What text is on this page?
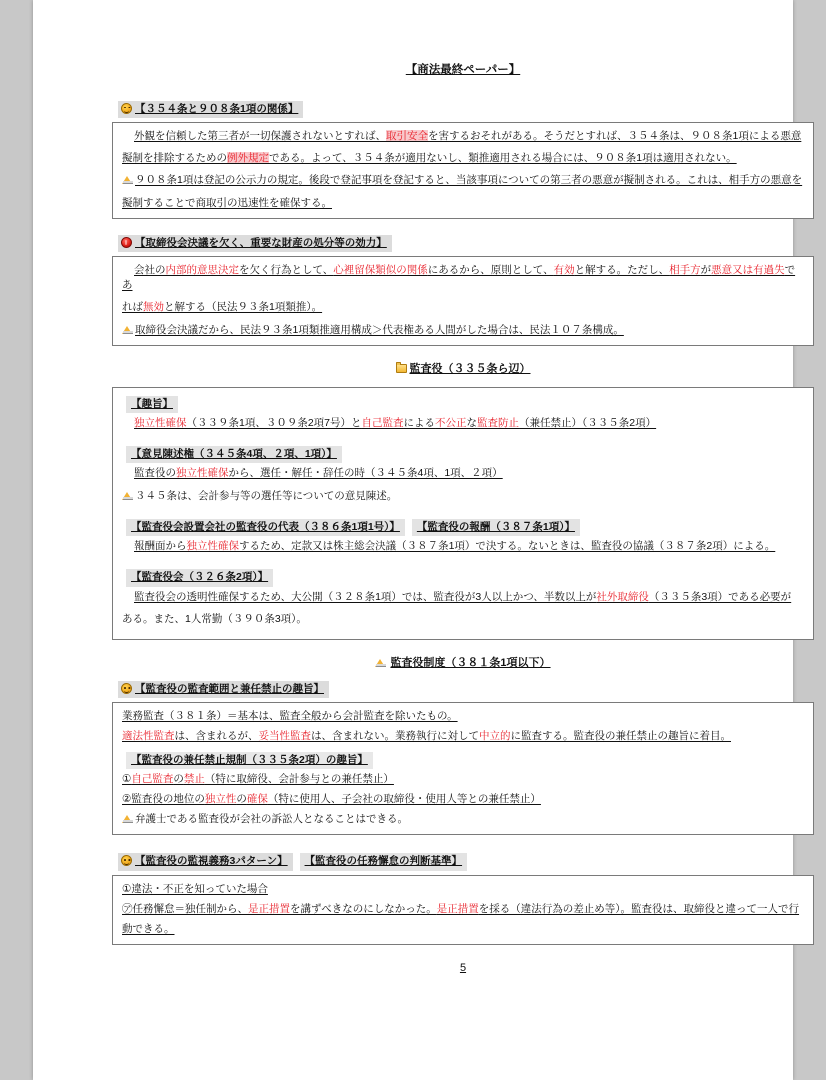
【商法最終ペーパー】
【３５４条と９０８条1項の関係】
外観を信頼した第三者が一切保護されないとすれば、取引安全を害するおそれがある。そうだとすれば、３５４条は、９０８条1項による悪意
擬制を排除するための例外規定である。よって、３５４条が適用ないし、類推適用される場合には、９０８条1項は適用されない。
９０８条1項は登記の公示力の規定。後段で登記事項を登記すると、当該事項についての第三者の悪意が擬制される。これは、相手方の悪意を
擬制することで商取引の迅速性を確保する。
【取締役会決議を欠く、重要な財産の処分等の効力】
会社の内部的意思決定を欠く行為として、心裡留保類似の関係にあるから、原則として、有効と解する。ただし、相手方が悪意又は有過失であ
れば無効と解する（民法９３条1項類推）。
取締役会決議だから、民法９３条1項類推適用構成＞代表権ある人間がした場合は、民法１０７条構成。
監査役（３３５条ら辺）
【趣旨】
独立性確保（３３９条1項、３０９条2項7号）と自己監査による不公正な監査防止（兼任禁止）（３３５条2項）
【意見陳述権（３４５条4項、２項、1項）】
監査役の独立性確保から、選任・解任・辞任の時（３４５条4項、1項、２項）
３４５条は、会計参与等の選任等についての意見陳述。
【監査役会設置会社の監査役の代表（３８６条1項1号）】 【監査役の報酬（３８７条1項）】
報酬面から独立性確保するため、定款又は株主総会決議（３８７条1項）で決する。ないときは、監査役の協議（３８７条2項）による。
【監査役会（３２６条2項）】
監査役会の透明性確保するため、大公開（３２８条1項）では、監査役が3人以上かつ、半数以上が社外取締役（３３５条3項）である必要が
ある。また、1人常勤（３９０条3項）。
監査役制度（３８１条1項以下）
【監査役の監査範囲と兼任禁止の趣旨】
業務監査（３８１条）＝基本は、監査全般から会計監査を除いたもの。
適法性監査は、含まれるが、妥当性監査は、含まれない。業務執行に対して中立的に監査する。監査役の兼任禁止の趣旨に着目。
【監査役の兼任禁止規制（３３５条2項）の趣旨】
①自己監査の禁止（特に取締役、会計参与との兼任禁止）
②監査役の地位の独立性の確保（特に使用人、子会社の取締役・使用人等との兼任禁止）
弁護士である監査役が会社の訴訟人となることはできる。
【監査役の監視義務3パターン】 【監査役の任務懈怠の判断基準】
①違法・不正を知っていた場合
㋐任務懈怠＝独任制から、是正措置を講ずべきなのにしなかった。是正措置を採る（違法行為の差止め等）。監査役は、取締役と違って一人で行
動できる。
5
